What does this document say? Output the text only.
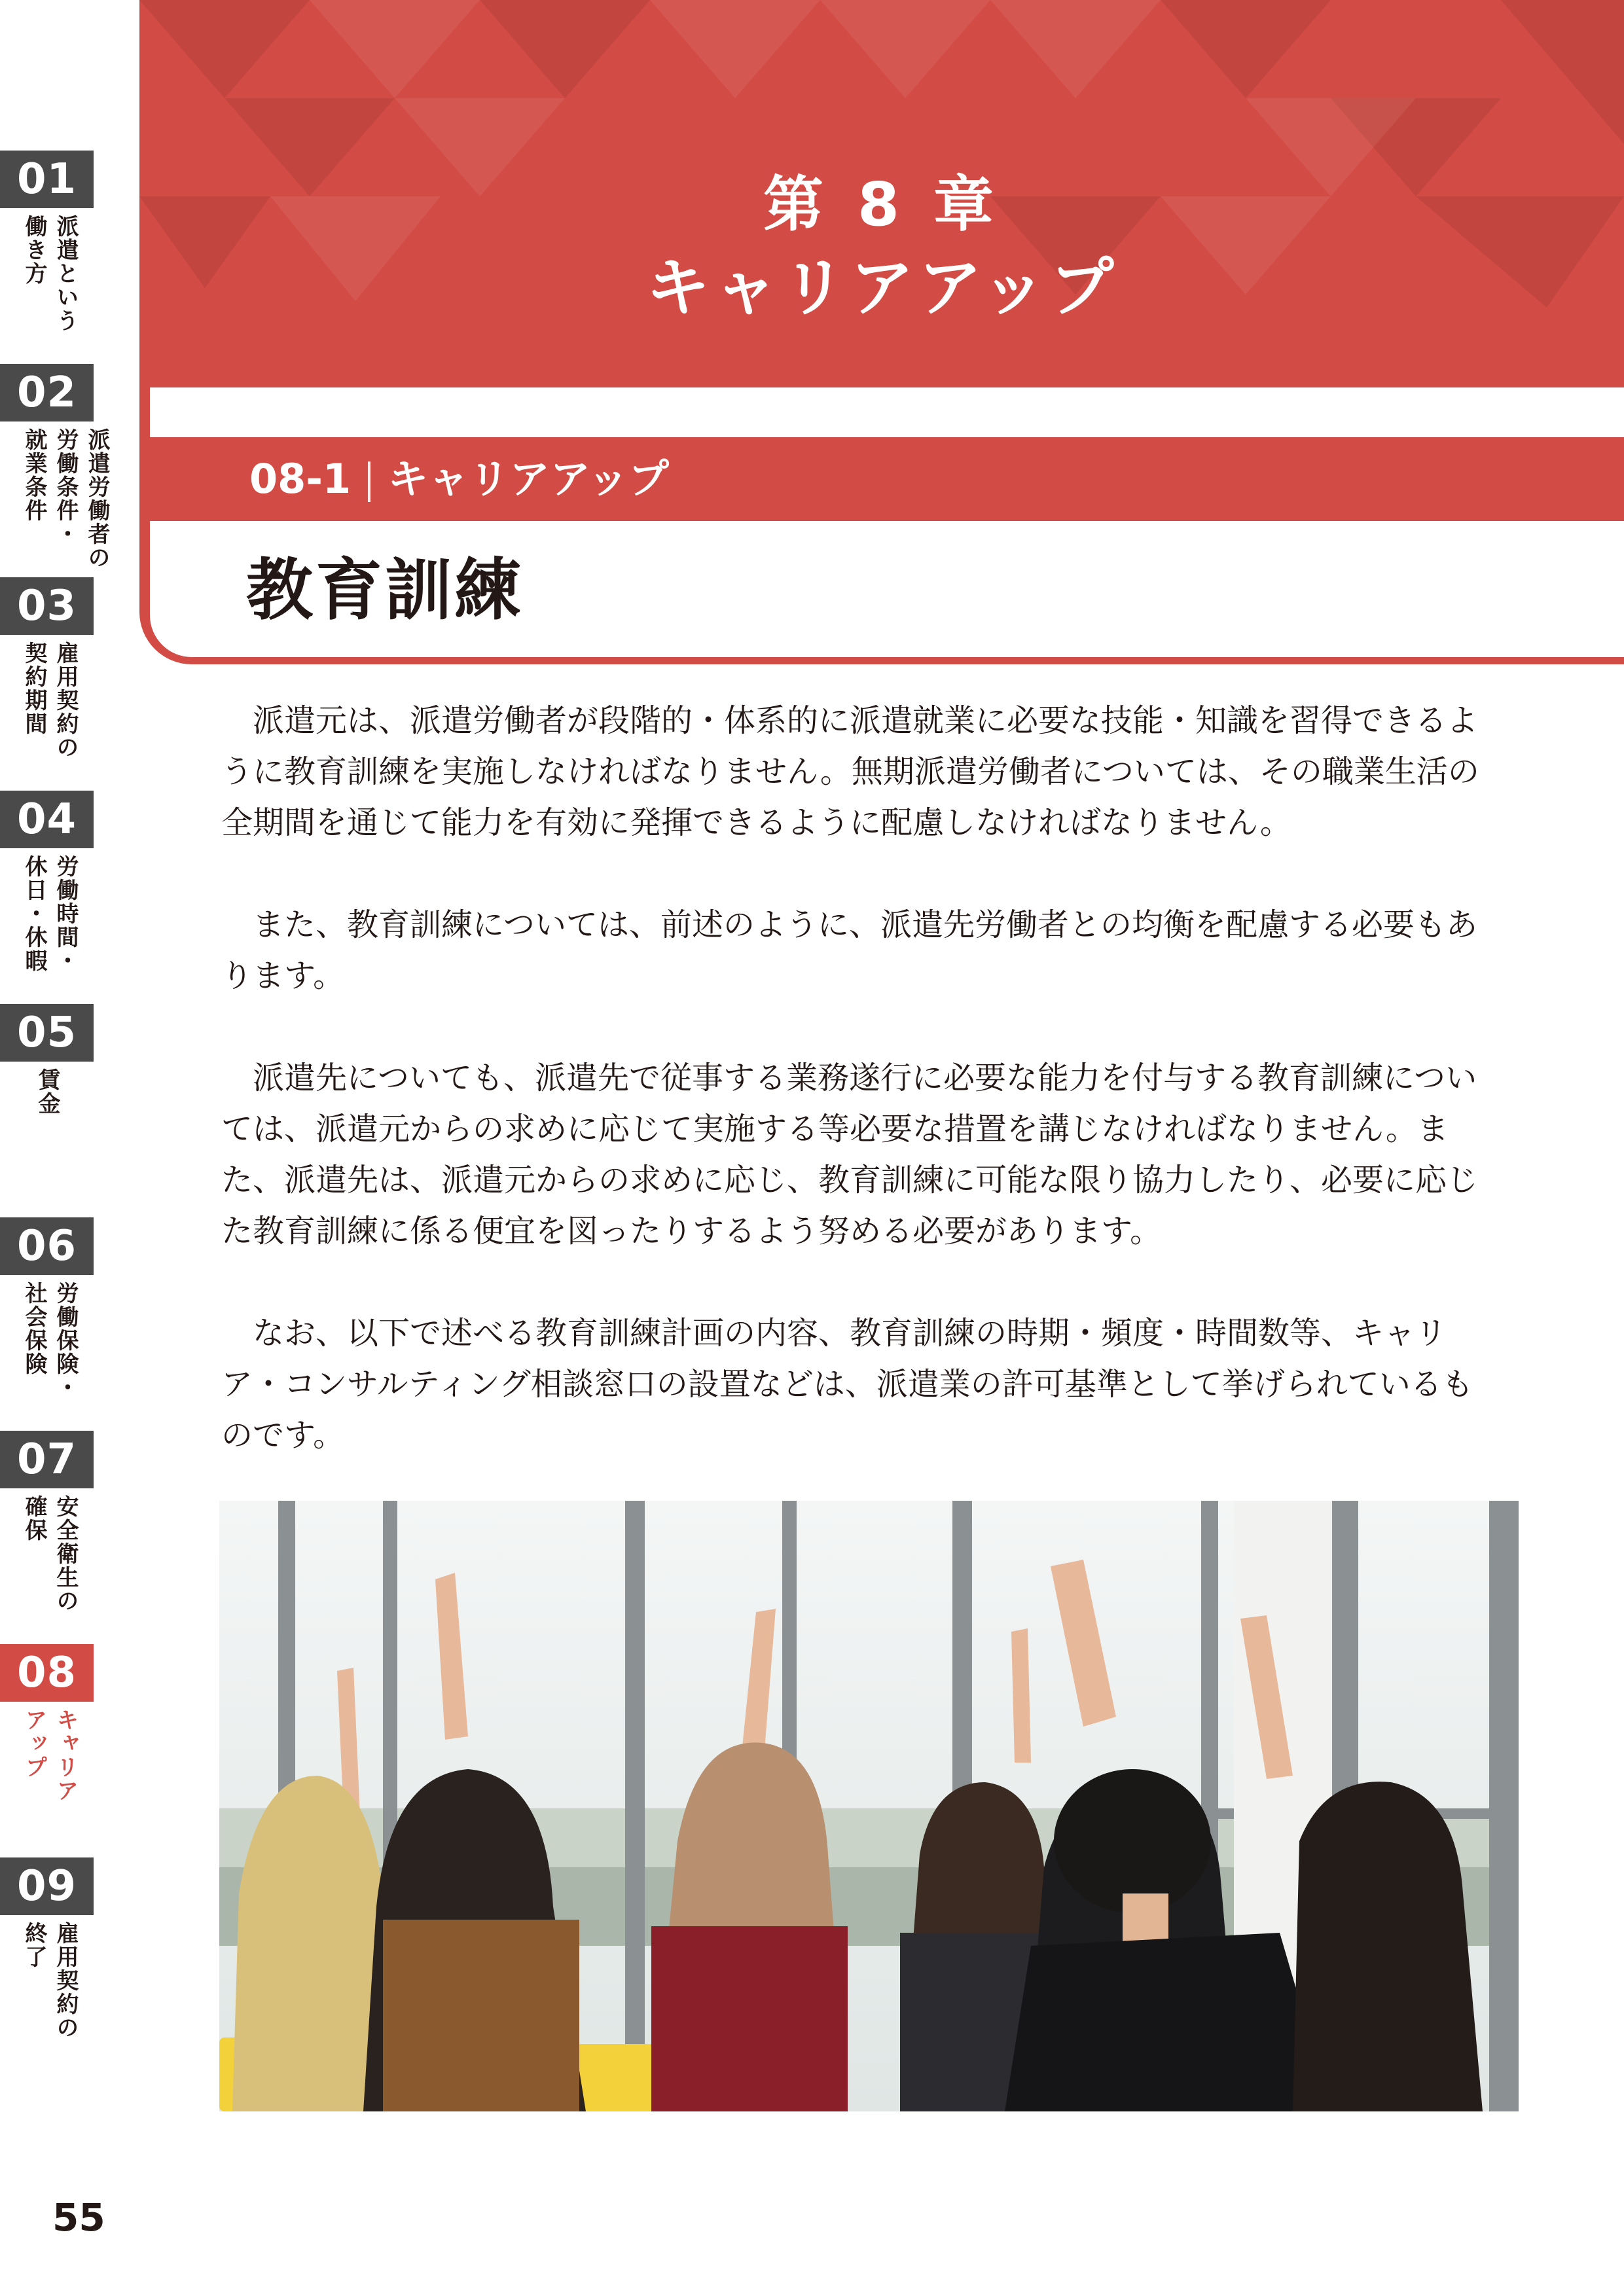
01
派遣という
働き方
02
派遣労働者の
労働条件・
就業条件
03
雇用契約の
契約期間
04
労働時間・
休日・休暇
05
賃金
06
労働保険・
社会保険
07
安全衛生の
確保
08
キャリア
アップ
09
雇用契約の
終了
第 8 章
キャリアアップ
08-1 キャリアアップ
教育訓練

派遣元は、派遣労働者が段階的・体系的に派遣就業に必要な技能・知識を習得できるように教育訓練を実施しなければなりません。無期派遣労働者については、その職業生活の全期間を通じて能力を有効に発揮できるように配慮しなければなりません。

また、教育訓練については、前述のように、派遣先労働者との均衡を配慮する必要もあります。

派遣先についても、派遣先で従事する業務遂行に必要な能力を付与する教育訓練については、派遣元からの求めに応じて実施する等必要な措置を講じなければなりません。また、派遣先は、派遣元からの求めに応じ、教育訓練に可能な限り協力したり、必要に応じた教育訓練に係る便宜を図ったりするよう努める必要があります。

なお、以下で述べる教育訓練計画の内容、教育訓練の時期・頻度・時間数等、キャリア・コンサルティング相談窓口の設置などは、派遣業の許可基準として挙げられているものです。

55
